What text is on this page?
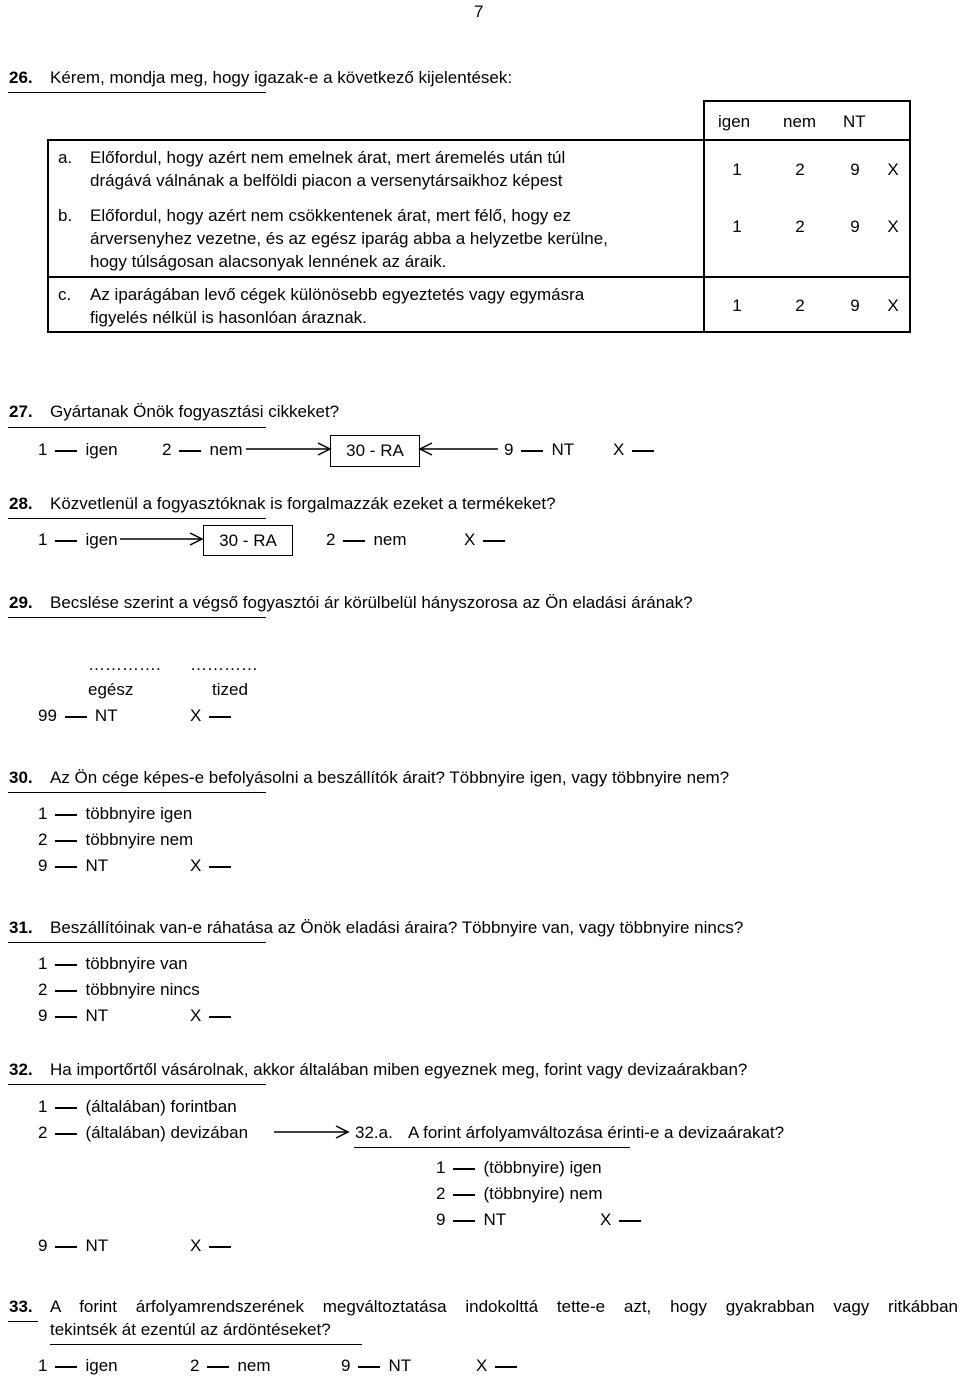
7
26. Kérem, mondja meg, hogy igazak-e a következő kijelentések:
igen nem NT
a. Előfordul, hogy azért nem emelnek árat, mert áremelés után túl
drágává válnának a belföldi piacon a versenytársaikhoz képest
1	2	9	X
b. Előfordul, hogy azért nem csökkentenek árat, mert félő, hogy ez
árversenyhez vezetne, és az egész iparág abba a helyzetbe kerülne,
hogy túlságosan alacsonyak lennének az áraik.
1	2	9	X
c. Az iparágában levő cégek különösebb egyeztetés vagy egymásra
figyelés nélkül is hasonlóan áraznak.
1	2	9	X
27. Gyártanak Önök fogyasztási cikkeket?
1 igen	2 nem	30 - RA	9 NT X
28. Közvetlenül a fogyasztóknak is forgalmazzák ezeket a termékeket?
1 igen	30 - RA	2 nem	X
29. Becslése szerint a végső fogyasztói ár körülbelül hányszorosa az Ön eladási árának?
…………. …………
egész	tized
99 NT	X
30. Az Ön cége képes-e befolyásolni a beszállítók árait? Többnyire igen, vagy többnyire nem?
1 többnyire igen
2 többnyire nem
9 NT	X
31. Beszállítóinak van-e ráhatása az Önök eladási áraira? Többnyire van, vagy többnyire nincs?
1 többnyire van
2 többnyire nincs
9 NT	X
32. Ha importőrtől vásárolnak, akkor általában miben egyeznek meg, forint vagy devizaárakban?
1 (általában) forintban
2 (általában) devizában	32.a. A forint árfolyamváltozása érinti-e a devizaárakat?
1 (többnyire) igen
2 (többnyire) nem
9 NT	X
9 NT	X
33. A forint árfolyamrendszerének megváltoztatása indokolttá tette-e azt, hogy gyakrabban vagy ritkábban
tekintsék át ezentúl az árdöntéseket?
1 igen	2 nem	9 NT	X
